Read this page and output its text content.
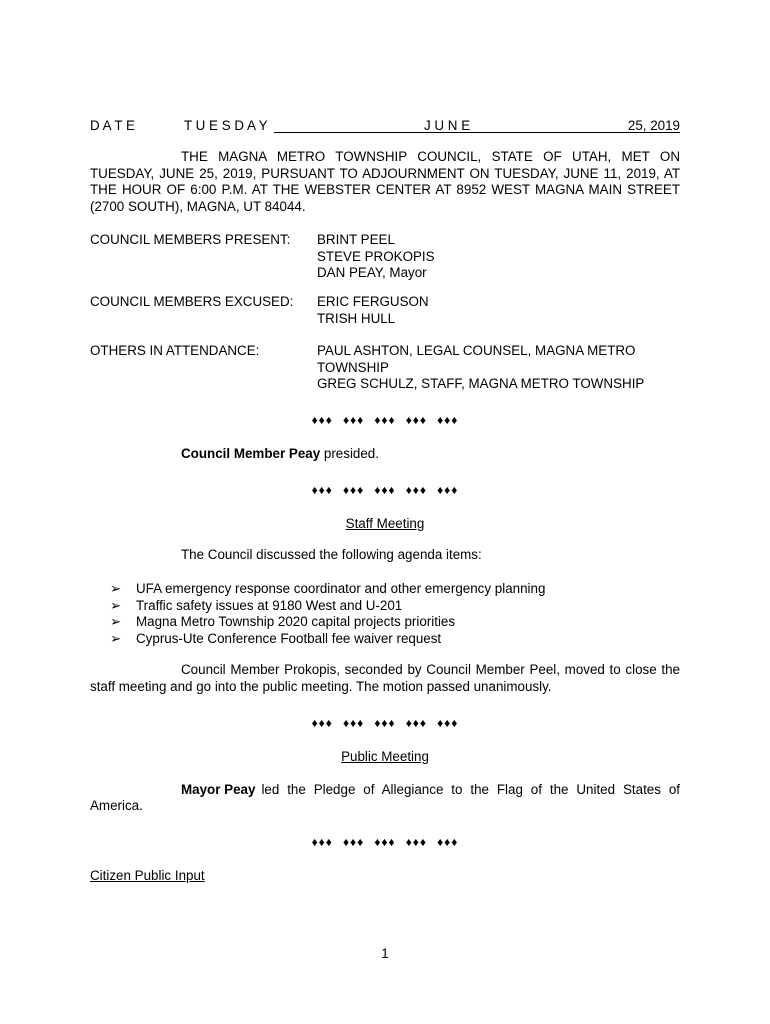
D A T E	T U E S D A Y	J U N E	25, 2019
THE MAGNA METRO TOWNSHIP COUNCIL, STATE OF UTAH, MET ON TUESDAY, JUNE 25, 2019, PURSUANT TO ADJOURNMENT ON TUESDAY, JUNE 11, 2019, AT THE HOUR OF 6:00 P.M. AT THE WEBSTER CENTER AT 8952 WEST MAGNA MAIN STREET (2700 SOUTH), MAGNA, UT 84044.
COUNCIL MEMBERS PRESENT: BRINT PEEL
STEVE PROKOPIS
DAN PEAY, Mayor
COUNCIL MEMBERS EXCUSED: ERIC FERGUSON
TRISH HULL
OTHERS IN ATTENDANCE:	PAUL ASHTON, LEGAL COUNSEL, MAGNA METRO
TOWNSHIP
GREG SCHULZ, STAFF, MAGNA METRO TOWNSHIP
♦♦♦ ♦♦♦ ♦♦♦ ♦♦♦ ♦♦♦
Council Member Peay presided.
♦♦♦ ♦♦♦ ♦♦♦ ♦♦♦ ♦♦♦
Staff Meeting
The Council discussed the following agenda items:
➢ UFA emergency response coordinator and other emergency planning
➢ Traffic safety issues at 9180 West and U-201
➢ Magna Metro Township 2020 capital projects priorities
➢ Cyprus-Ute Conference Football fee waiver request
Council Member Prokopis, seconded by Council Member Peel, moved to close the
staff meeting and go into the public meeting. The motion passed unanimously.
♦♦♦ ♦♦♦ ♦♦♦ ♦♦♦ ♦♦♦
Public Meeting
Mayor Peay led the Pledge of Allegiance to the Flag of the United States of
America.
♦♦♦ ♦♦♦ ♦♦♦ ♦♦♦ ♦♦♦
Citizen Public Input
1
